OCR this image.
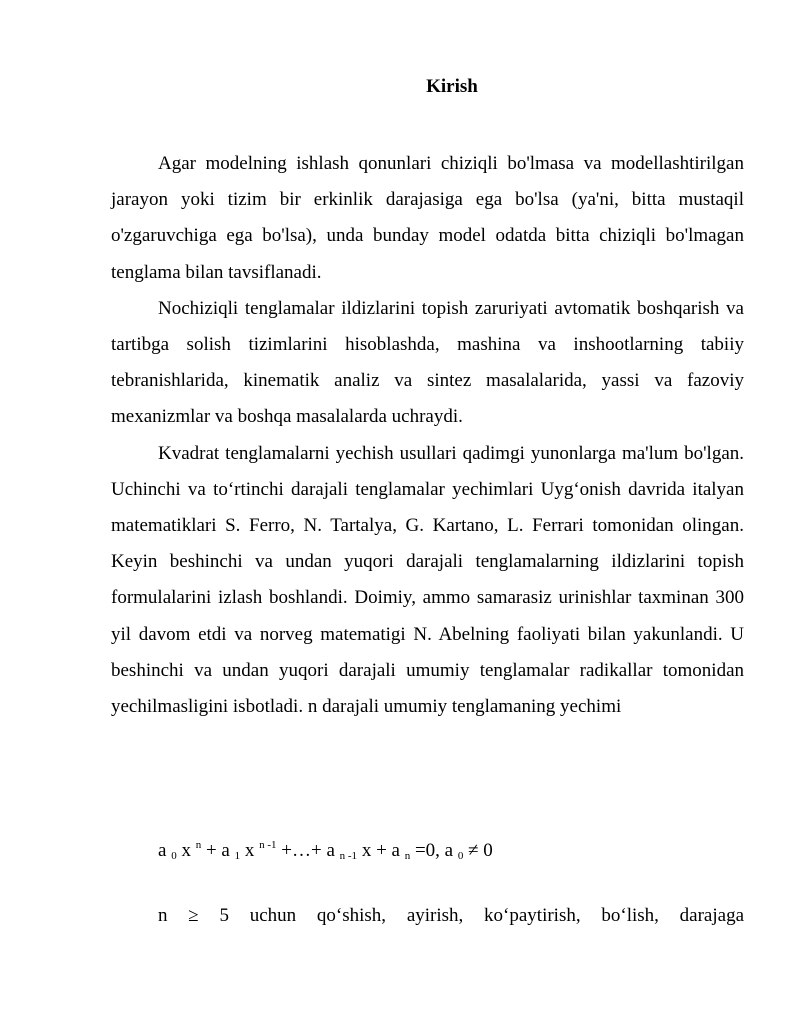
Kirish

Agar modelning ishlash qonunlari chiziqli bo'lmasa va modellashtirilgan jarayon yoki tizim bir erkinlik darajasiga ega bo'lsa (ya'ni, bitta mustaqil o'zgaruvchiga ega bo'lsa), unda bunday model odatda bitta chiziqli bo'lmagan tenglama bilan tavsiflanadi.

Nochiziqli tenglamalar ildizlarini topish zaruriyati avtomatik boshqarish va tartibga solish tizimlarini hisoblashda, mashina va inshootlarning tabiiy tebranishlarida, kinematik analiz va sintez masalalarida, yassi va fazoviy mexanizmlar va boshqa masalalarda uchraydi.

Kvadrat tenglamalarni yechish usullari qadimgi yunonlarga ma'lum bo'lgan. Uchinchi va to‘rtinchi darajali tenglamalar yechimlari Uyg‘onish davrida italyan matematiklari S. Ferro, N. Tartalya, G. Kartano, L. Ferrari tomonidan olingan. Keyin beshinchi va undan yuqori darajali tenglamalarning ildizlarini topish formulalarini izlash boshlandi. Doimiy, ammo samarasiz urinishlar taxminan 300 yil davom etdi va norveg matematigi N. Abelning faoliyati bilan yakunlandi. U beshinchi va undan yuqori darajali umumiy tenglamalar radikallar tomonidan yechilmasligini isbotladi. n darajali umumiy tenglamaning yechimi

a $_0$ x $^n$ + a $_1$ x $^{n -1}$ +…+ a $_{n -1}$ x + a $_n$ =0, a $_0$ ≠ 0

n ≥ 5 uchun qo‘shish, ayirish, ko‘paytirish, bo‘lish, darajaga
